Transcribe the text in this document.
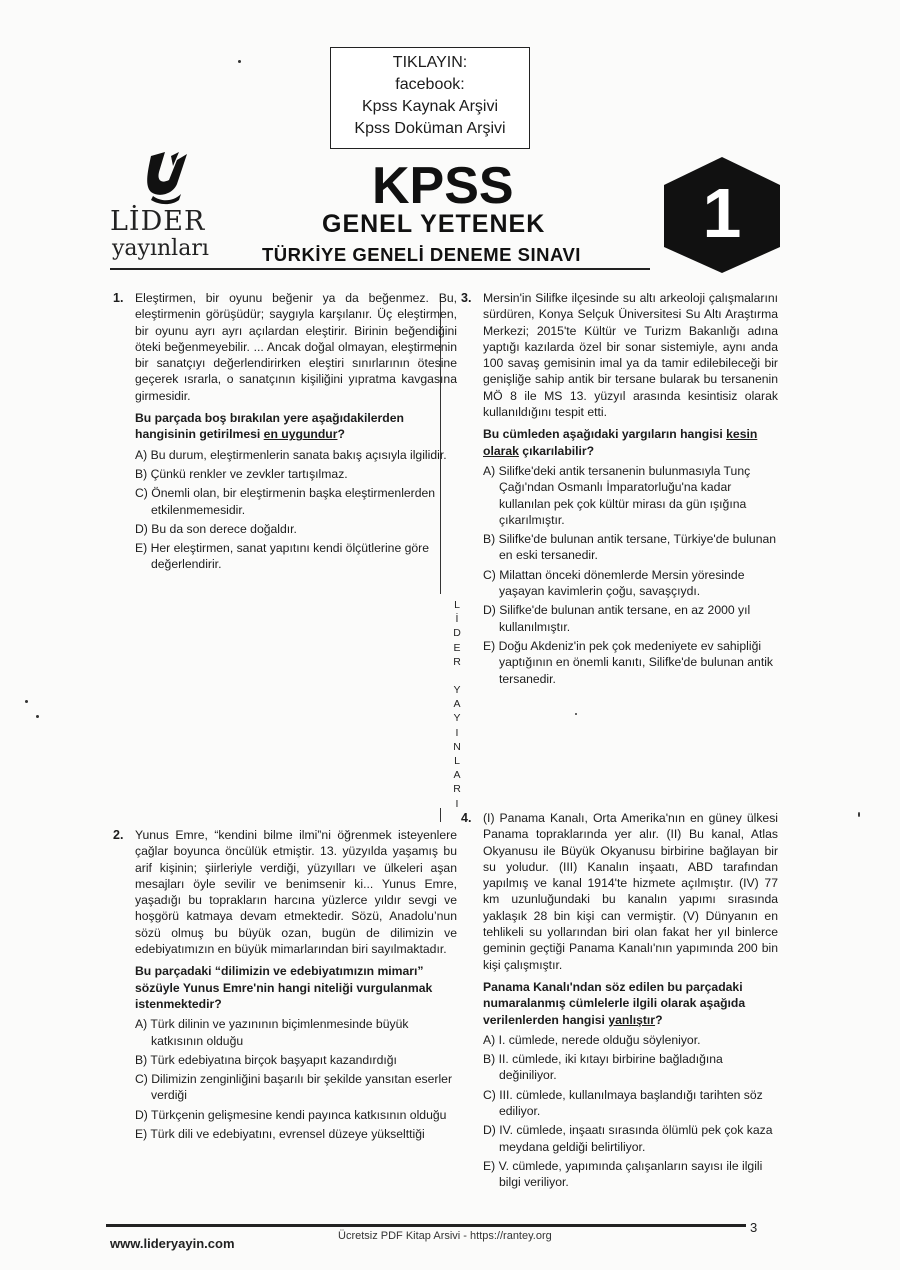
TIKLAYIN:
facebook:
Kpss Kaynak Arşivi
Kpss Doküman Arşivi
LİDER
yayınları
KPSS
GENEL YETENEK
TÜRKİYE GENELİ DENEME SINAVI
1
L
İ
D
E
R
Y
A
Y
I
N
L
A
R
I
1. Eleştirmen, bir oyunu beğenir ya da beğenmez. Bu, eleştirmenin görüşüdür; saygıyla karşılanır. Üç eleştirmen, bir oyunu ayrı ayrı açılardan eleştirir. Birinin beğendiğini öteki beğenmeyebilir. ... Ancak doğal olmayan, eleştirmenin bir sanatçıyı değerlendirirken eleştiri sınırlarının ötesine geçerek ısrarla, o sanatçının kişiliğini yıpratma kavgasına girmesidir.
Bu parçada boş bırakılan yere aşağıdakilerden hangisinin getirilmesi en uygundur?
A) Bu durum, eleştirmenlerin sanata bakış açısıyla ilgilidir.
B) Çünkü renkler ve zevkler tartışılmaz.
C) Önemli olan, bir eleştirmenin başka eleştirmenlerden etkilenmemesidir.
D) Bu da son derece doğaldır.
E) Her eleştirmen, sanat yapıtını kendi ölçütlerine göre değerlendirir.
2. Yunus Emre, “kendini bilme ilmi”ni öğrenmek isteyenlere çağlar boyunca öncülük etmiştir. 13. yüzyılda yaşamış bu arif kişinin; şiirleriyle verdiği, yüzyılları ve ülkeleri aşan mesajları öyle sevilir ve benimsenir ki... Yunus Emre, yaşadığı bu toprakların harcına yüzlerce yıldır sevgi ve hoşgörü katmaya devam etmektedir. Sözü, Anadolu’nun sözü olmuş bu büyük ozan, bugün de dilimizin ve edebiyatımızın en büyük mimarlarından biri sayılmaktadır.
Bu parçadaki “dilimizin ve edebiyatımızın mimarı” sözüyle Yunus Emre'nin hangi niteliği vurgulanmak istenmektedir?
A) Türk dilinin ve yazınının biçimlenmesinde büyük katkısının olduğu
B) Türk edebiyatına birçok başyapıt kazandırdığı
C) Dilimizin zenginliğini başarılı bir şekilde yansıtan eserler verdiği
D) Türkçenin gelişmesine kendi payınca katkısının olduğu
E) Türk dili ve edebiyatını, evrensel düzeye yükselttiği
3. Mersin'in Silifke ilçesinde su altı arkeoloji çalışmalarını sürdüren, Konya Selçuk Üniversitesi Su Altı Araştırma Merkezi; 2015'te Kültür ve Turizm Bakanlığı adına yaptığı kazılarda özel bir sonar sistemiyle, aynı anda 100 savaş gemisinin imal ya da tamir edilebileceği bir genişliğe sahip antik bir tersane bularak bu tersanenin MÖ 8 ile MS 13. yüzyıl arasında kesintisiz olarak kullanıldığını tespit etti.
Bu cümleden aşağıdaki yargıların hangisi kesin olarak çıkarılabilir?
A) Silifke'deki antik tersanenin bulunmasıyla Tunç Çağı'ndan Osmanlı İmparatorluğu'na kadar kullanılan pek çok kültür mirası da gün ışığına çıkarılmıştır.
B) Silifke'de bulunan antik tersane, Türkiye'de bulunan en eski tersanedir.
C) Milattan önceki dönemlerde Mersin yöresinde yaşayan kavimlerin çoğu, savaşçıydı.
D) Silifke'de bulunan antik tersane, en az 2000 yıl kullanılmıştır.
E) Doğu Akdeniz'in pek çok medeniyete ev sahipliği yaptığının en önemli kanıtı, Silifke'de bulunan antik tersanedir.
4. (I) Panama Kanalı, Orta Amerika'nın en güney ülkesi Panama topraklarında yer alır. (II) Bu kanal, Atlas Okyanusu ile Büyük Okyanusu birbirine bağlayan bir su yoludur. (III) Kanalın inşaatı, ABD tarafından yapılmış ve kanal 1914'te hizmete açılmıştır. (IV) 77 km uzunluğundaki bu kanalın yapımı sırasında yaklaşık 28 bin kişi can vermiştir. (V) Dünyanın en tehlikeli su yollarından biri olan fakat her yıl binlerce geminin geçtiği Panama Kanalı'nın yapımında 200 bin kişi çalışmıştır.
Panama Kanalı'ndan söz edilen bu parçadaki numaralanmış cümlelerle ilgili olarak aşağıda verilenlerden hangisi yanlıştır?
A) I. cümlede, nerede olduğu söyleniyor.
B) II. cümlede, iki kıtayı birbirine bağladığına değiniliyor.
C) III. cümlede, kullanılmaya başlandığı tarihten söz ediliyor.
D) IV. cümlede, inşaatı sırasında ölümlü pek çok kaza meydana geldiği belirtiliyor.
E) V. cümlede, yapımında çalışanların sayısı ile ilgili bilgi veriliyor.
www.lideryayin.com	Ücretsiz PDF Kitap Arsivi - https://rantey.org
3
